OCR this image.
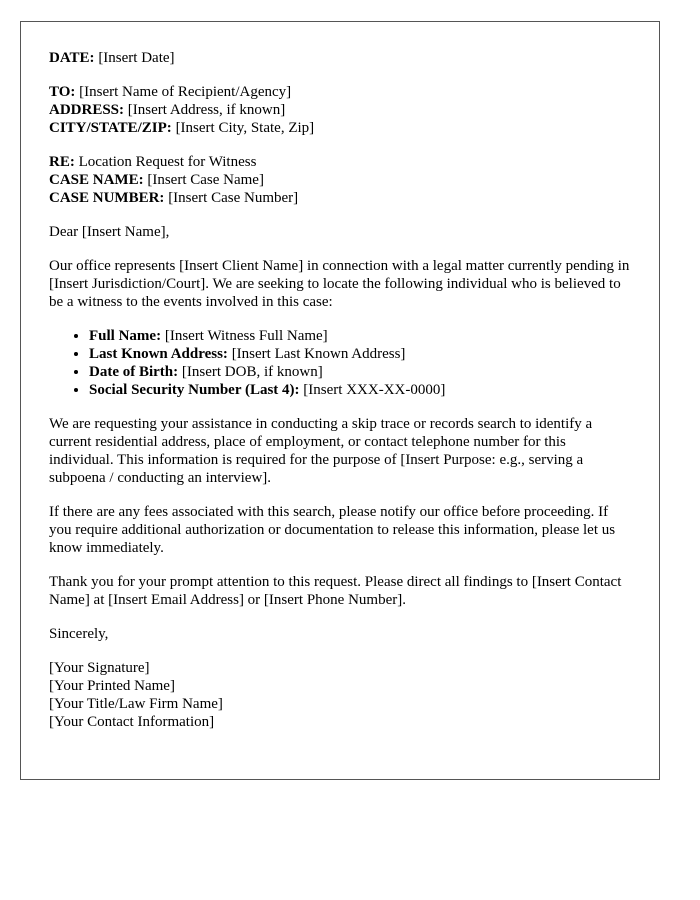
DATE: [Insert Date]
TO: [Insert Name of Recipient/Agency]
ADDRESS: [Insert Address, if known]
CITY/STATE/ZIP: [Insert City, State, Zip]
RE: Location Request for Witness
CASE NAME: [Insert Case Name]
CASE NUMBER: [Insert Case Number]

Dear [Insert Name],

Our office represents [Insert Client Name] in connection with a legal matter currently pending in [Insert Jurisdiction/Court]. We are seeking to locate the following individual who is believed to be a witness to the events involved in this case:

• Full Name: [Insert Witness Full Name]
• Last Known Address: [Insert Last Known Address]
• Date of Birth: [Insert DOB, if known]
• Social Security Number (Last 4): [Insert XXX-XX-0000]

We are requesting your assistance in conducting a skip trace or records search to identify a current residential address, place of employment, or contact telephone number for this individual. This information is required for the purpose of [Insert Purpose: e.g., serving a subpoena / conducting an interview].

If there are any fees associated with this search, please notify our office before proceeding. If you require additional authorization or documentation to release this information, please let us know immediately.

Thank you for your prompt attention to this request. Please direct all findings to [Insert Contact Name] at [Insert Email Address] or [Insert Phone Number].

Sincerely,

[Your Signature]
[Your Printed Name]
[Your Title/Law Firm Name]
[Your Contact Information]
